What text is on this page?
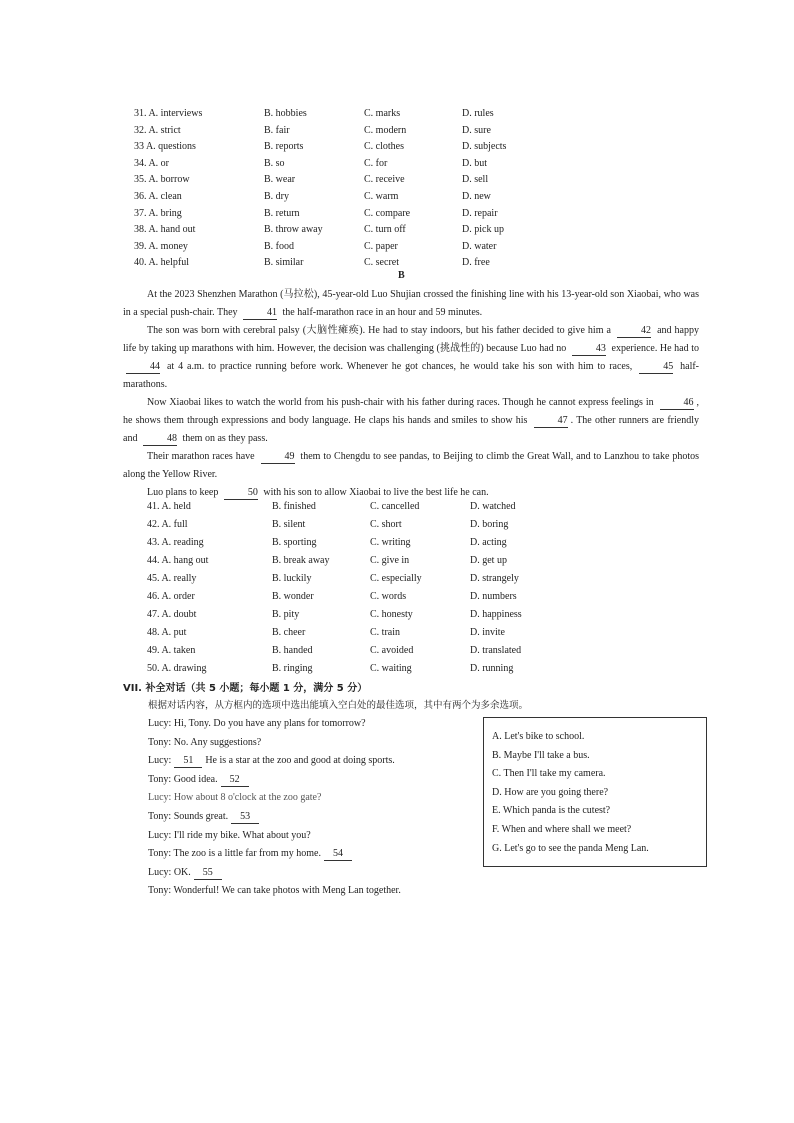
31. A. interviews	B. hobbies	C. marks	D. rules
32. A. strict	B. fair	C. modern	D. sure
33 A. questions	B. reports	C. clothes	D. subjects
34. A. or	B. so	C. for	D. but
35. A. borrow	B. wear	C. receive	D. sell
36. A. clean	B. dry	C. warm	D. new
37. A. bring	B. return	C. compare	D. repair
38. A. hand out	B. throw away	C. turn off	D. pick up
39. A. money	B. food	C. paper	D. water
40. A. helpful	B. similar	C. secret	D. free
B

At the 2023 Shenzhen Marathon (马拉松), 45-year-old Luo Shujian crossed the finishing line with his 13-year-old son Xiaobai, who was in a special push-chair. They	41 the half-marathon race in an hour and 59 minutes.

The son was born with cerebral palsy (大脑性瘫痪). He had to stay indoors, but his father decided to give him a	42 and happy life by taking up marathons with him. However, the decision was challenging (挑战性的) because Luo had no	43 experience. He had to 44 at 4 a.m. to practice running before work. Whenever he got chances, he would take his son with him to races,	45 half-marathons.

Now Xiaobai likes to watch the world from his push-chair with his father during races. Though he cannot express feelings in	46 , he shows them through expressions and body language. He claps his hands and smiles to show his	47 . The other runners are friendly and	48 them on as they pass.

Their marathon races have	49 them to Chengdu to see pandas, to Beijing to climb the Great Wall, and to Lanzhou to take photos along the Yellow River.

Luo plans to keep	50 with his son to allow Xiaobai to live the best life he can.

41. A. held	B. finished	C. cancelled	D. watched
42. A. full	B. silent	C. short	D. boring
43. A. reading	B. sporting	C. writing	D. acting
44. A. hang out	B. break away	C. give in	D. get up
45. A. really	B. luckily	C. especially	D. strangely
46. A. order	B. wonder	C. words	D. numbers
47. A. doubt	B. pity	C. honesty	D. happiness
48. A. put	B. cheer	C. train	D. invite
49. A. taken	B. handed	C. avoided	D. translated
50. A. drawing	B. ringing	C. waiting	D. running
VII. 补全对话（共 5 小题；每小题 1 分，满分 5 分）
根据对话内容，从方框内的选项中选出能填入空白处的最佳选项，其中有两个为多余选项。
Lucy: Hi, Tony. Do you have any plans for tomorrow?
Tony: No. Any suggestions?
Lucy: 51 He is a star at the zoo and good at doing sports.
Tony: Good idea. 52
Lucy: How about 8 o'clock at the zoo gate?
Tony: Sounds great. 53
Lucy: I'll ride my bike. What about you?
Tony: The zoo is a little far from my home. 54
Lucy: OK. 55
Tony: Wonderful! We can take photos with Meng Lan together.
A. Let's bike to school.
B. Maybe I'll take a bus.
C. Then I'll take my camera.
D. How are you going there?
E. Which panda is the cutest?
F. When and where shall we meet?
G. Let's go to see the panda Meng Lan.
